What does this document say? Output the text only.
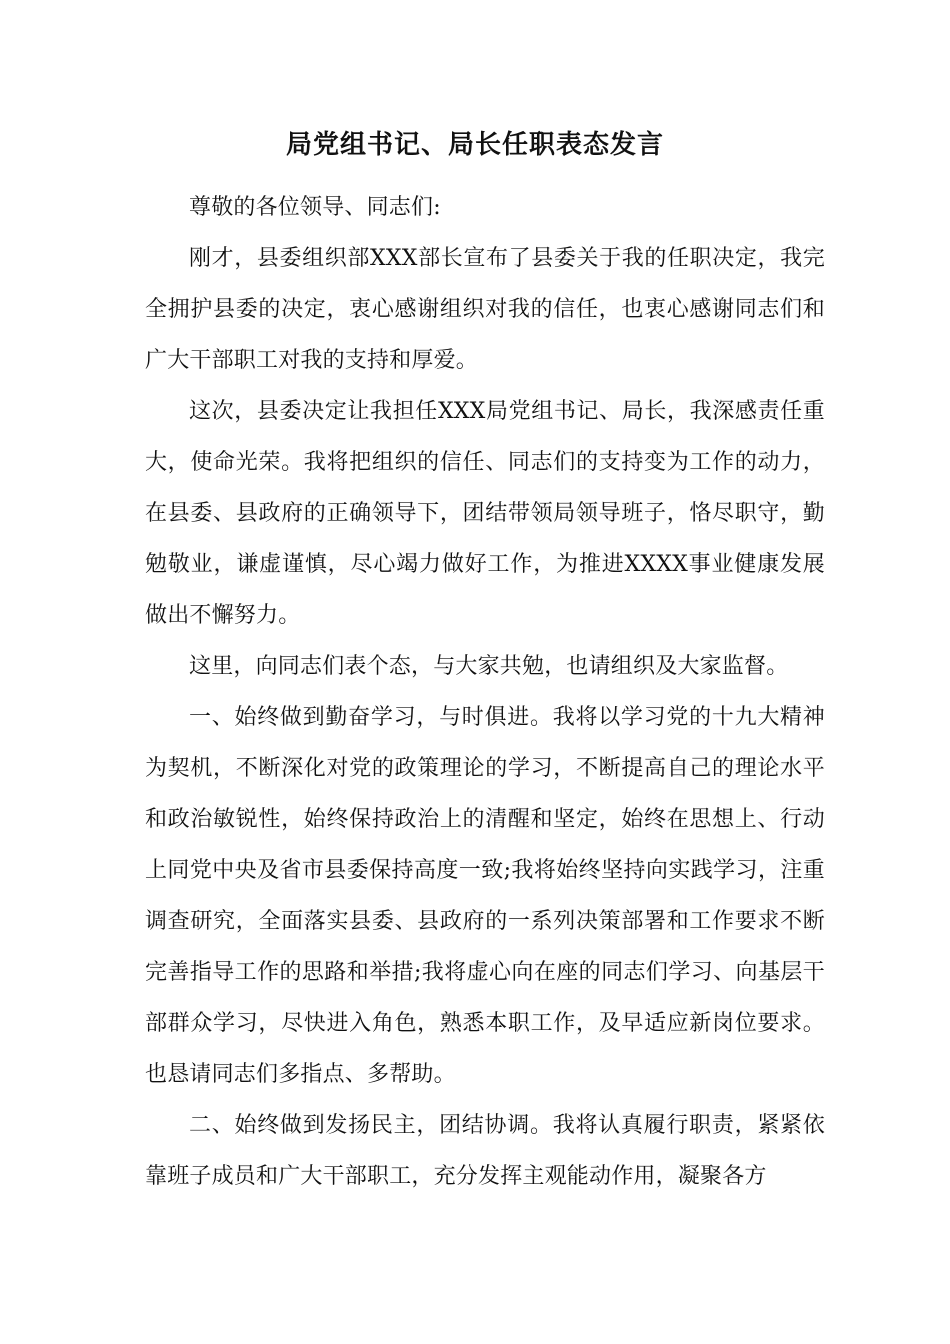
局党组书记、局长任职表态发言

尊敬的各位领导、同志们:

刚才，县委组织部XXX部长宣布了县委关于我的任职决定，我完全拥护县委的决定，衷心感谢组织对我的信任，也衷心感谢同志们和广大干部职工对我的支持和厚爱。

这次，县委决定让我担任XXX局党组书记、局长，我深感责任重大，使命光荣。我将把组织的信任、同志们的支持变为工作的动力，在县委、县政府的正确领导下，团结带领局领导班子，恪尽职守，勤勉敬业，谦虚谨慎，尽心竭力做好工作，为推进XXXX事业健康发展做出不懈努力。

这里，向同志们表个态，与大家共勉，也请组织及大家监督。

一、始终做到勤奋学习，与时俱进。我将以学习党的十九大精神为契机，不断深化对党的政策理论的学习，不断提高自己的理论水平和政治敏锐性，始终保持政治上的清醒和坚定，始终在思想上、行动上同党中央及省市县委保持高度一致;我将始终坚持向实践学习，注重调查研究，全面落实县委、县政府的一系列决策部署和工作要求不断完善指导工作的思路和举措;我将虚心向在座的同志们学习、向基层干部群众学习，尽快进入角色，熟悉本职工作，及早适应新岗位要求。也恳请同志们多指点、多帮助。

二、始终做到发扬民主，团结协调。我将认真履行职责，紧紧依靠班子成员和广大干部职工，充分发挥主观能动作用，凝聚各方
